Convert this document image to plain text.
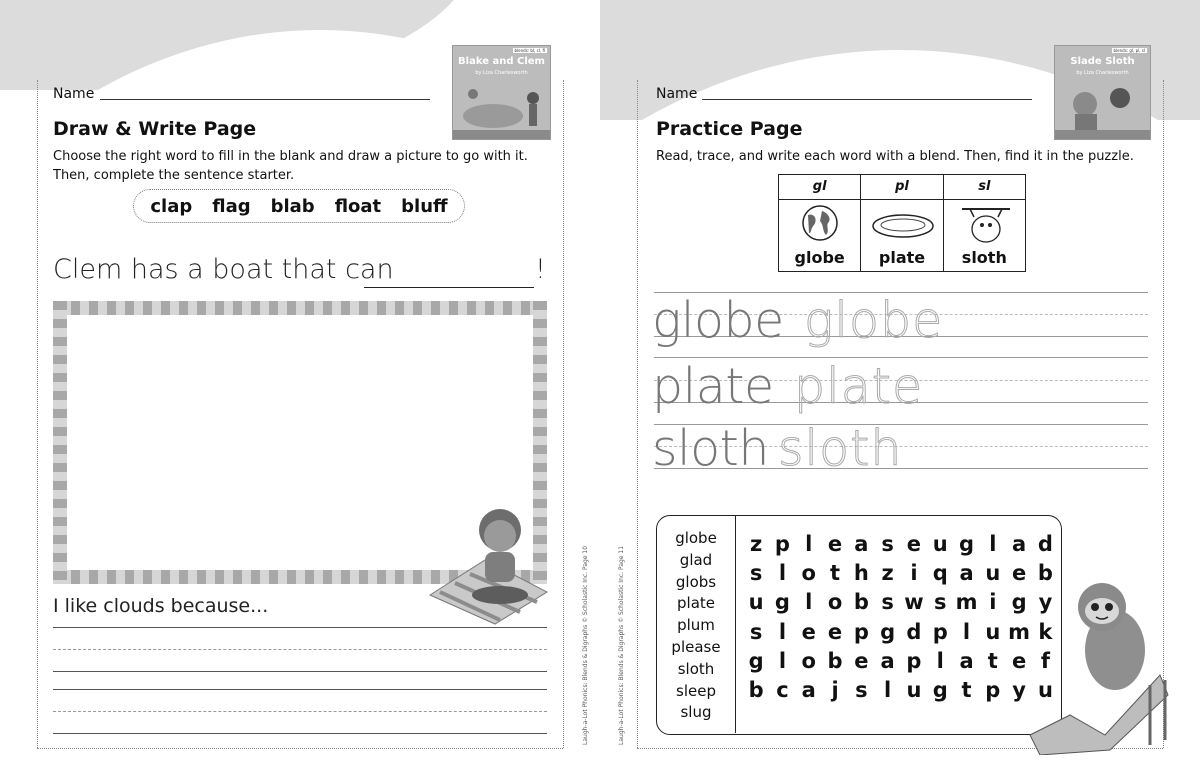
Name
blends: bl, cl, fl
Blake and Clem
by Liza Charlesworth
Draw & Write Page
Choose the right word to fill in the blank and draw a picture to go with it.
Then, complete the sentence starter.
clap flag blab float bluff
Clem has a boat that can	!
I like clouds because...	Laugh-a-Lot Phonics: Blends & Digraphs © Scholastic Inc. Page 10
Name
blends: gl, pl, sl
Slade Sloth
by Liza Charlesworth
Practice Page
Read, trace, and write each word with a blend. Then, find it in the puzzle.
gl
globe
pl
plate
sl
sloth
globe globe
plate plate
sloth sloth
globe
glad
globs
plate
plum
please
sloth
sleep
slug
z p l e a s e u g l a d
s l o t h z i q a u e b
u g l o b s w s m i g y
s l e e p g d p l u m k
g l o b e a p l a t e f
b c a j s l u g t p y u
Laugh-a-Lot Phonics: Blends & Digraphs © Scholastic Inc. Page 11
